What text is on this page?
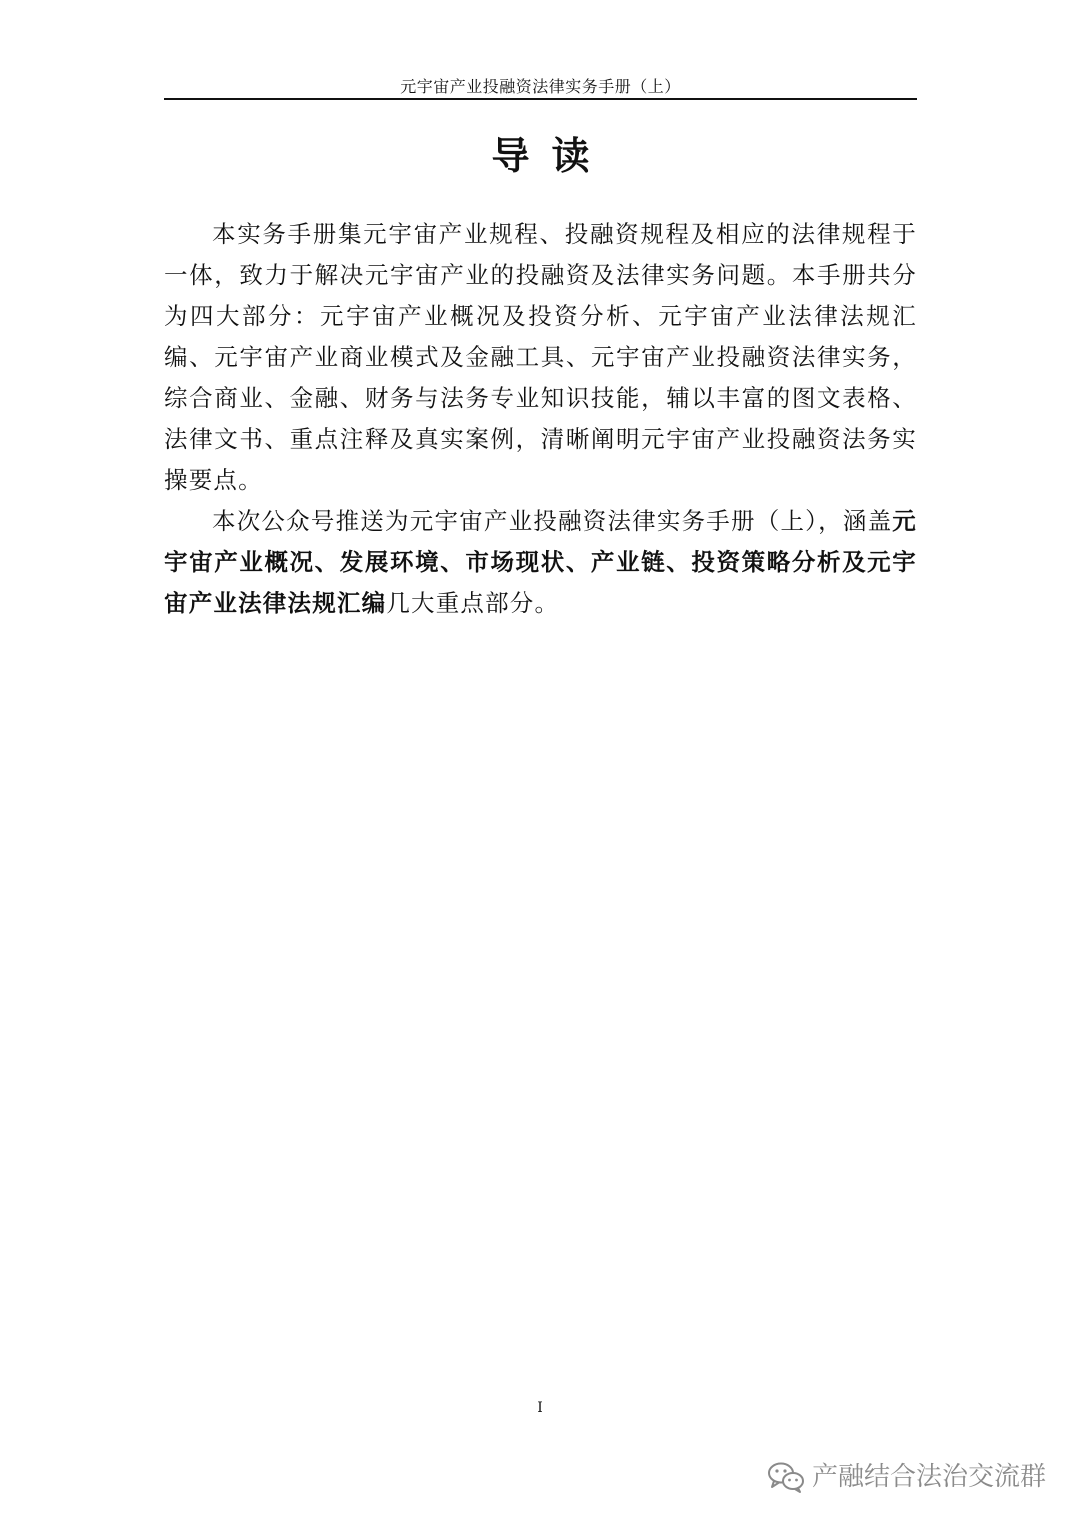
元宇宙产业投融资法律实务手册（上）
导读

本实务手册集元宇宙产业规程、投融资规程及相应的法律规程于一体，致力于解决元宇宙产业的投融资及法律实务问题。本手册共分为四大部分：元宇宙产业概况及投资分析、元宇宙产业法律法规汇编、元宇宙产业商业模式及金融工具、元宇宙产业投融资法律实务，综合商业、金融、财务与法务专业知识技能，辅以丰富的图文表格、法律文书、重点注释及真实案例，清晰阐明元宇宙产业投融资法务实操要点。

本次公众号推送为元宇宙产业投融资法律实务手册（上），涵盖元宇宙产业概况、发展环境、市场现状、产业链、投资策略分析及元宇宙产业法律法规汇编几大重点部分。

I
产融结合法治交流群
